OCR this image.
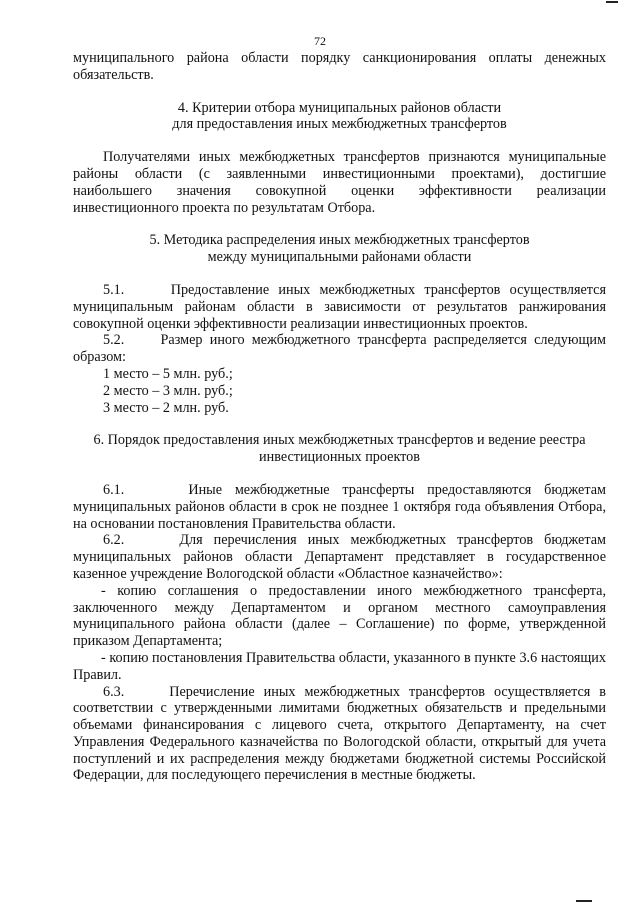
72

муниципального района области порядку санкционирования оплаты денежных обязательств.

4. Критерии отбора муниципальных районов области

для предоставления иных межбюджетных трансфертов

Получателями иных межбюджетных трансфертов признаются муниципальные районы области (с заявленными инвестиционными проектами), достигшие наибольшего значения совокупной оценки эффективности реализации инвестиционного проекта по результатам Отбора.

5. Методика распределения иных межбюджетных трансфертов

между муниципальными районами области

5.1.     Предоставление иных межбюджетных трансфертов осуществляется муниципальным районам области в зависимости от результатов ранжирования совокупной оценки эффективности реализации инвестиционных проектов.

5.2.     Размер иного межбюджетного трансферта распределяется следующим образом:

1 место – 5 млн. руб.;

2 место – 3 млн. руб.;

3 место – 2 млн. руб.

6. Порядок предоставления иных межбюджетных трансфертов и ведение реестра инвестиционных проектов

6.1.     Иные межбюджетные трансферты предоставляются бюджетам муниципальных районов области в срок не позднее 1 октября года объявления Отбора, на основании постановления Правительства области.

6.2.     Для перечисления иных межбюджетных трансфертов бюджетам муниципальных районов области Департамент представляет в государственное казенное учреждение Вологодской области «Областное казначейство»:

- копию соглашения о предоставлении иного межбюджетного трансферта, заключенного между Департаментом и органом местного самоуправления муниципального района области (далее – Соглашение) по форме, утвержденной приказом Департамента;

- копию постановления Правительства области, указанного в пункте 3.6 настоящих Правил.

6.3.     Перечисление иных межбюджетных трансфертов осуществляется в соответствии с утвержденными лимитами бюджетных обязательств и предельными объемами финансирования с лицевого счета, открытого Департаменту, на счет Управления Федерального казначейства по Вологодской области, открытый для учета поступлений и их распределения между бюджетами бюджетной системы Российской Федерации, для последующего перечисления в местные бюджеты.
